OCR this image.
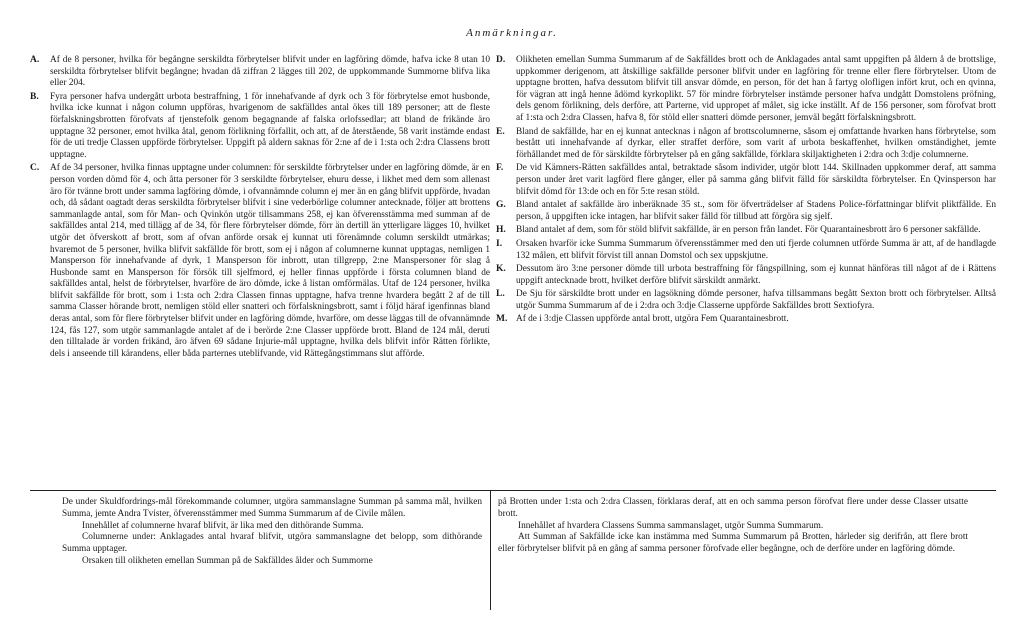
Anmärkningar.
A.	Af de 8 personer, hvilka för begångne serskildta förbrytelser blifvit under en lagföring dömde, hafva icke 8 utan 10 serskildta förbrytelser blifvit begångne; hvadan då ziffran 2 lägges till 202, de uppkommande Summorne blifva lika eller 204.
B.	Fyra personer hafva undergått urbota bestraffning, 1 för innehafvande af dyrk och 3 för förbrytelse emot husbonde, hvilka icke kunnat i någon column uppföras, hvarigenom de sakfälldes antal ökes till 189 personer; att de fleste förfalskningsbrotten förofvats af tjenstefolk genom begagnande af falska orlofssedlar; att bland de frikände äro upptagne 32 personer, emot hvilka åtal, genom förlikning förfallit, och att, af de återstående, 58 varit instämde endast för de uti tredje Classen uppförde förbrytelser. Uppgift på aldern saknas för 2:ne af de i 1:sta och 2:dra Classens brott upptagne.
C.	Af de 34 personer, hvilka finnas upptagne under columnen: för serskildte förbrytelser under en lagföring dömde, är en person vorden dömd för 4, och åtta personer för 3 serskildte förbrytelser, ehuru desse, i likhet med dem som allenast äro för tvänne brott under samma lagföring dömde, i ofvannämnde column ej mer än en gång blifvit uppförde, hvadan och, då sådant oagtadt deras serskildta förbrytelser blifvit i sine vederbörlige columner antecknade, följer att brottens sammanlagde antal, som för Man- och Qvinkön utgör tillsammans 258, ej kan öfverensstämma med summan af de sakfälldes antal 214, med tillägg af de 34, för flere förbrytelser dömde, förr än dertill än ytterligare lägges 10, hvilket utgör det öfverskott af brott, som af ofvan anförde orsak ej kunnat uti förenämnde column serskildt utmärkas; hvaremot de 5 personer, hvilka blifvit sakfällde för brott, som ej i någon af columnerne kunnat upptagas, nemligen 1 Mansperson för innehafvande af dyrk, 1 Mansperson för inbrott, utan tillgrepp, 2:ne Manspersoner för slag å Husbonde samt en Mansperson för försök till sjelfmord, ej heller finnas uppförde i första columnen bland de sakfälldes antal, helst de förbrytelser, hvarföre de äro dömde, icke å listan omförmälas. Utaf de 124 personer, hvilka blifvit sakfällde för brott, som i 1:sta och 2:dra Classen finnas upptagne, hafva trenne hvardera begått 2 af de till samma Classer hörande brott, nemligen stöld eller snatteri och förfalskningsbrott, samt i följd häraf igenfinnas bland deras antal, som för flere förbrytelser blifvit under en lagföring dömde, hvarföre, om desse läggas till de ofvannämnde 124, fås 127, som utgör sammanlagde antalet af de i berörde 2:ne Classer uppförde brott. Bland de 124 mål, deruti den tilltalade är vorden frikänd, äro äfven 69 sådane Injurie-mål upptagne, hvilka dels blifvit inför Rätten förlikte, dels i anseende till kärandens, eller båda parternes uteblifvande, vid Rättegångstimmans slut afförde.
D.	Olikheten emellan Summa Summarum af de Sakfälldes brott och de Anklagades antal samt uppgiften på åldern å de brottslige, uppkommer derigenom, att åtskillige sakfällde personer blifvit under en lagföring för trenne eller flere förbrytelser. Utom de upptagne brotten, hafva dessutom blifvit till ansvar dömde, en person, för det han å fartyg olofligen infört krut, och en qvinna, för vägran att ingå henne ådömd kyrkoplikt. 57 för mindre förbrytelser instämde personer hafva undgått Domstolens pröfning, dels genom förlikning, dels derföre, att Parterne, vid uppropet af målet, sig icke inställt. Af de 156 personer, som förofvat brott af 1:sta och 2:dra Classen, hafva 8, för stöld eller snatteri dömde personer, jemväl begått förfalskningsbrott.
E.	Bland de sakfällde, har en ej kunnat antecknas i någon af brottscolumnerne, såsom ej omfattande hvarken hans förbrytelse, som bestått uti innehafvande af dyrkar, eller straffet derföre, som varit af urbota beskaffenhet, hvilken omständighet, jemte förhållandet med de för särskildte förbrytelser på en gång sakfällde, förklara skiljaktigheten i 2:dra och 3:dje columnerne.
F.	De vid Kämners-Rätten sakfälldes antal, betraktade såsom individer, utgör blott 144. Skillnaden uppkommer deraf, att samma person under året varit lagförd flere gånger, eller på samma gång blifvit fälld för särskildta förbrytelser. En Qvinsperson har blifvit dömd för 13:de och en för 5:te resan stöld.
G.	Bland antalet af sakfällde äro inberäknade 35 st., som för öfverträdelser af Stadens Police-författningar blifvit pliktfällde. En person, å uppgiften icke intagen, har blifvit saker fälld för tillbud att förgöra sig sjelf.
H.	Bland antalet af dem, som för stöld blifvit sakfällde, är en person från landet. För Quarantainesbrott äro 6 personer sakfällde.
I.	Orsaken hvarför icke Summa Summarum öfverensstämmer med den uti fjerde columnen utförde Summa är att, af de handlagde 132 målen, ett blifvit förvist till annan Domstol och sex uppskjutne.
K.	Dessutom äro 3:ne personer dömde till urbota bestraffning för fångspillning, som ej kunnat hänföras till något af de i Rättens uppgift antecknade brott, hvilket derföre blifvit särskildt anmärkt.
L.	De Sju för särskildte brott under en lagsökning dömde personer, hafva tillsammans begått Sexton brott och förbrytelser. Alltså utgör Summa Summarum af de i 2:dra och 3:dje Classerne uppförde Sakfälldes brott Sextiofyra.
M. Af de i 3:dje Classen uppförde antal brott, utgöra Fem Quarantainesbrott.

De under Skuldfordrings-mål förekommande columner, utgöra sammanslagne Summan på samma mål, hvilken Summa, jemte Andra Tvister, öfverensstämmer med Summa Summarum af de Civile målen.

Innehållet af columnerne hvaraf blifvit, är lika med den dithörande Summa.

Columnerne under: Anklagades antal hvaraf blifvit, utgöra sammanslagne det belopp, som dithörande Summa upptager.

Orsaken till olikheten emellan Summan på de Sakfälldes ålder och Summorne

på Brotten under 1:sta och 2:dra Classen, förklaras deraf, att en och samma person förofvat flere under desse Classer utsatte brott.

Innehållet af hvardera Classens Summa sammanslaget, utgör Summa Summarum.

Att Summan af Sakfällde icke kan instämma med Summa Summarum på Brotten, härleder sig derifrån, att flere brott eller förbrytelser blifvit på en gång af samma personer förofvade eller begångne, och de derföre under en lagföring dömde.
